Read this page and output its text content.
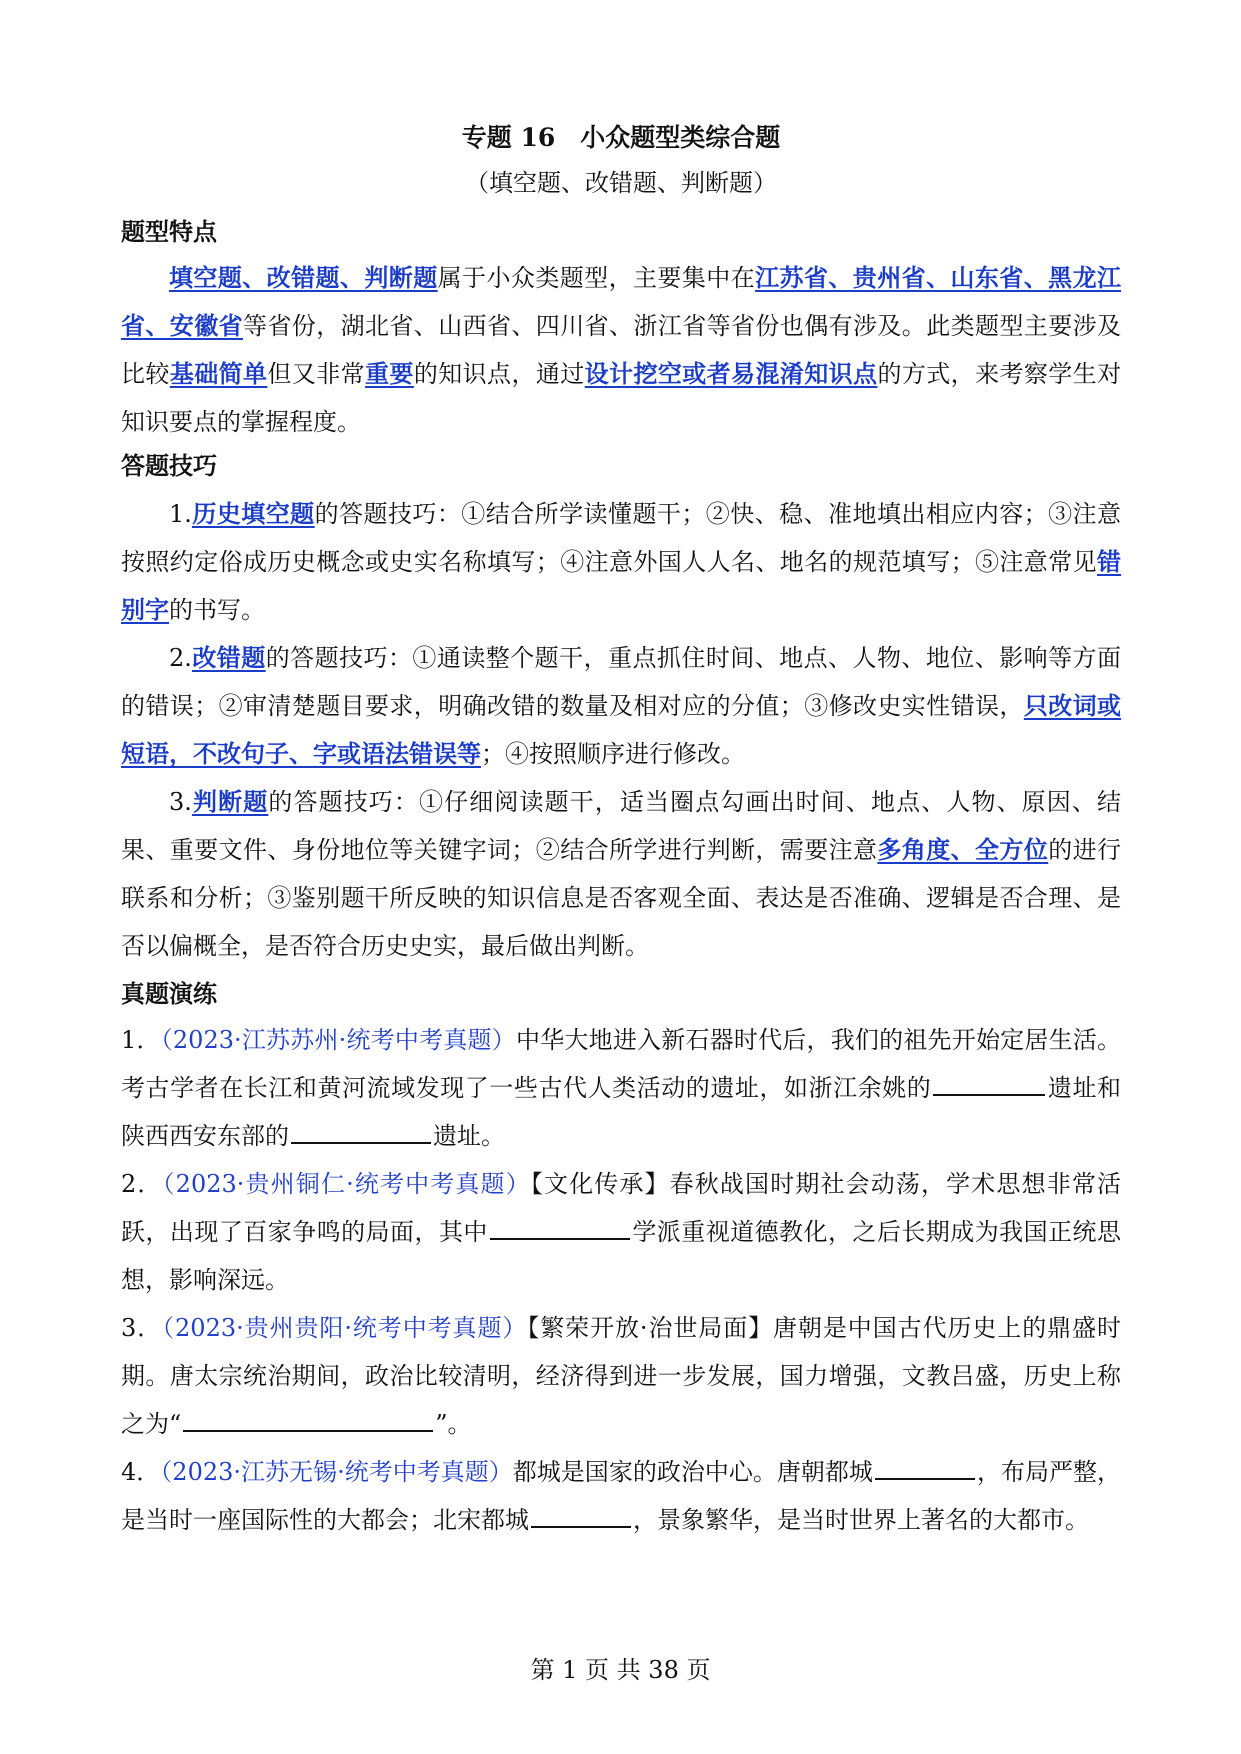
专题 16　小众题型类综合题
（填空题、改错题、判断题）
题型特点
填空题、改错题、判断题属于小众类题型，主要集中在江苏省、贵州省、山东省、黑龙江省、安徽省等省份，湖北省、山西省、四川省、浙江省等省份也偶有涉及。此类题型主要涉及比较基础简单但又非常重要的知识点，通过设计挖空或者易混淆知识点的方式，来考察学生对知识要点的掌握程度。
答题技巧
1.历史填空题的答题技巧：①结合所学读懂题干；②快、稳、准地填出相应内容；③注意按照约定俗成历史概念或史实名称填写；④注意外国人人名、地名的规范填写；⑤注意常见错别字的书写。
2.改错题的答题技巧：①通读整个题干，重点抓住时间、地点、人物、地位、影响等方面的错误；②审清楚题目要求，明确改错的数量及相对应的分值；③修改史实性错误，只改词或短语，不改句子、字或语法错误等；④按照顺序进行修改。
3.判断题的答题技巧：①仔细阅读题干，适当圈点勾画出时间、地点、人物、原因、结果、重要文件、身份地位等关键字词；②结合所学进行判断，需要注意多角度、全方位的进行联系和分析；③鉴别题干所反映的知识信息是否客观全面、表达是否准确、逻辑是否合理、是否以偏概全，是否符合历史史实，最后做出判断。
真题演练
1．（2023·江苏苏州·统考中考真题）中华大地进入新石器时代后，我们的祖先开始定居生活。考古学者在长江和黄河流域发现了一些古代人类活动的遗址，如浙江余姚的	遗址和陕西西安东部的	遗址。
2．（2023·贵州铜仁·统考中考真题）【文化传承】春秋战国时期社会动荡，学术思想非常活跃，出现了百家争鸣的局面，其中	学派重视道德教化，之后长期成为我国正统思想，影响深远。
3．（2023·贵州贵阳·统考中考真题）【繁荣开放·治世局面】唐朝是中国古代历史上的鼎盛时期。唐太宗统治期间，政治比较清明，经济得到进一步发展，国力增强，文教吕盛，历史上称之为“	”。
4．（2023·江苏无锡·统考中考真题）都城是国家的政治中心。唐朝都城	，布局严整，是当时一座国际性的大都会；北宋都城	，景象繁华，是当时世界上著名的大都市。
第 1 页 共 38 页
